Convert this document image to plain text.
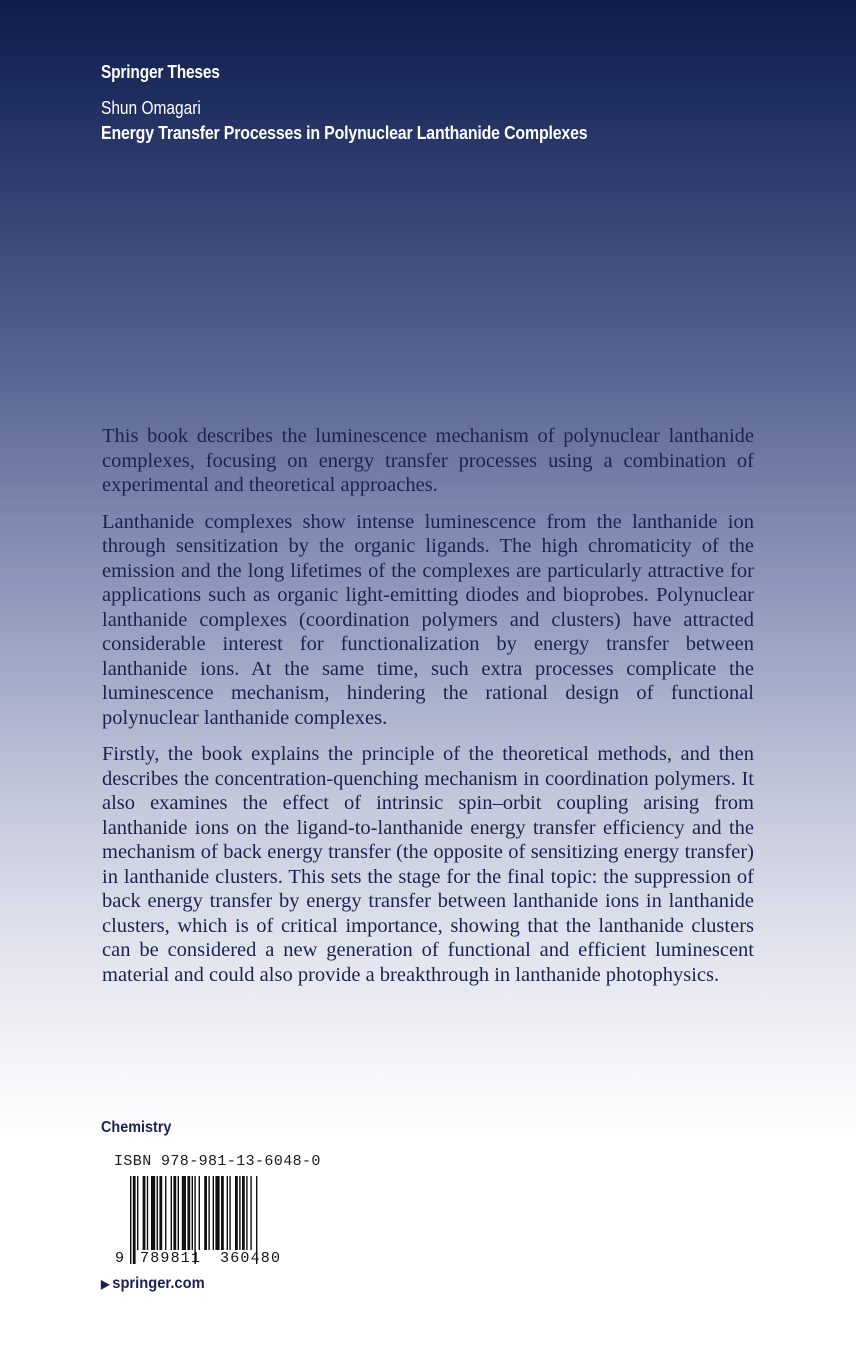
Springer Theses
Shun Omagari
Energy Transfer Processes in Polynuclear Lanthanide Complexes

This book describes the luminescence mechanism of polynuclear lanthanide complexes, focusing on energy transfer processes using a combination of experimental and theoretical approaches.

Lanthanide complexes show intense luminescence from the lanthanide ion through sensitization by the organic ligands. The high chromaticity of the emission and the long lifetimes of the complexes are particularly attractive for applications such as organic light-emitting diodes and bioprobes. Polynuclear lanthanide complexes (coordination polymers and clusters) have attracted considerable interest for functionalization by energy transfer between lanthanide ions. At the same time, such extra processes complicate the luminescence mechanism, hindering the rational design of functional polynuclear lanthanide complexes.

Firstly, the book explains the principle of the theoretical methods, and then describes the concentration-quenching mechanism in coordination polymers. It also examines the effect of intrinsic spin–orbit coupling arising from lanthanide ions on the ligand-to-lanthanide energy transfer efficiency and the mechanism of back energy transfer (the opposite of sensitizing energy transfer) in lanthanide clusters. This sets the stage for the final topic: the suppression of back energy transfer by energy transfer between lanthanide ions in lanthanide clusters, which is of critical importance, showing that the lanthanide clusters can be considered a new generation of functional and efficient luminescent material and could also provide a breakthrough in lanthanide photophysics.

Chemistry
ISBN 978-981-13-6048-0
9 789811 360480
▶ springer.com
